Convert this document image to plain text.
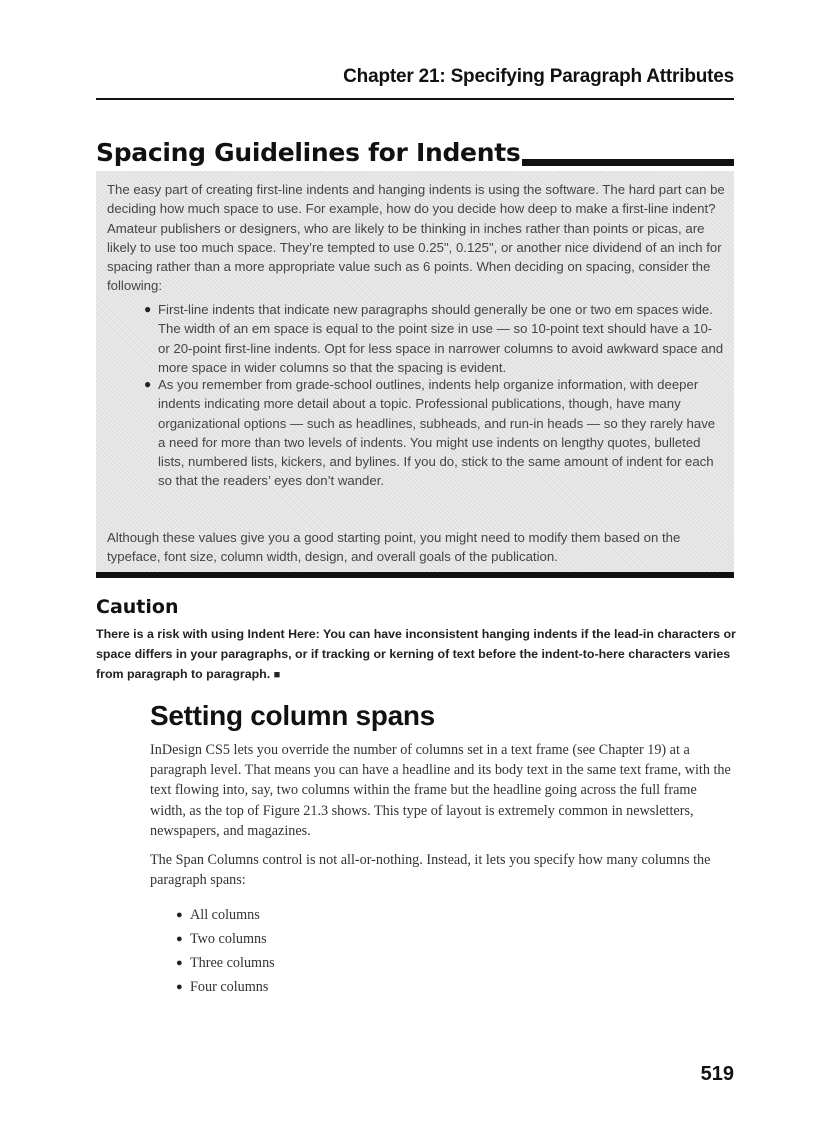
Chapter 21: Specifying Paragraph Attributes
Spacing Guidelines for Indents

The easy part of creating first-line indents and hanging indents is using the software. The hard part can be deciding how much space to use. For example, how do you decide how deep to make a first-line indent? Amateur publishers or designers, who are likely to be thinking in inches rather than points or picas, are likely to use too much space. They’re tempted to use 0.25", 0.125", or another nice dividend of an inch for spacing rather than a more appropriate value such as 6 points. When deciding on spacing, consider the following:

● First-line indents that indicate new paragraphs should generally be one or two em spaces wide. The width of an em space is equal to the point size in use — so 10-point text should have a 10- or 20-point first-line indents. Opt for less space in narrower columns to avoid awkward space and more space in wider columns so that the spacing is evident.
● As you remember from grade-school outlines, indents help organize information, with deeper indents indicating more detail about a topic. Professional publications, though, have many organizational options — such as headlines, subheads, and run-in heads — so they rarely have a need for more than two levels of indents. You might use indents on lengthy quotes, bulleted lists, numbered lists, kickers, and bylines. If you do, stick to the same amount of indent for each so that the readers’ eyes don’t wander.

Although these values give you a good starting point, you might need to modify them based on the typeface, font size, column width, design, and overall goals of the publication.

Caution

There is a risk with using Indent Here: You can have inconsistent hanging indents if the lead-in characters or space differs in your paragraphs, or if tracking or kerning of text before the indent-to-here characters varies from paragraph to paragraph. ■

Setting column spans

InDesign CS5 lets you override the number of columns set in a text frame (see Chapter 19) at a paragraph level. That means you can have a headline and its body text in the same text frame, with the text flowing into, say, two columns within the frame but the headline going across the full frame width, as the top of Figure 21.3 shows. This type of layout is extremely common in newsletters, newspapers, and magazines.

The Span Columns control is not all-or-nothing. Instead, it lets you specify how many columns the paragraph spans:

● All columns
● Two columns
● Three columns
● Four columns
519
